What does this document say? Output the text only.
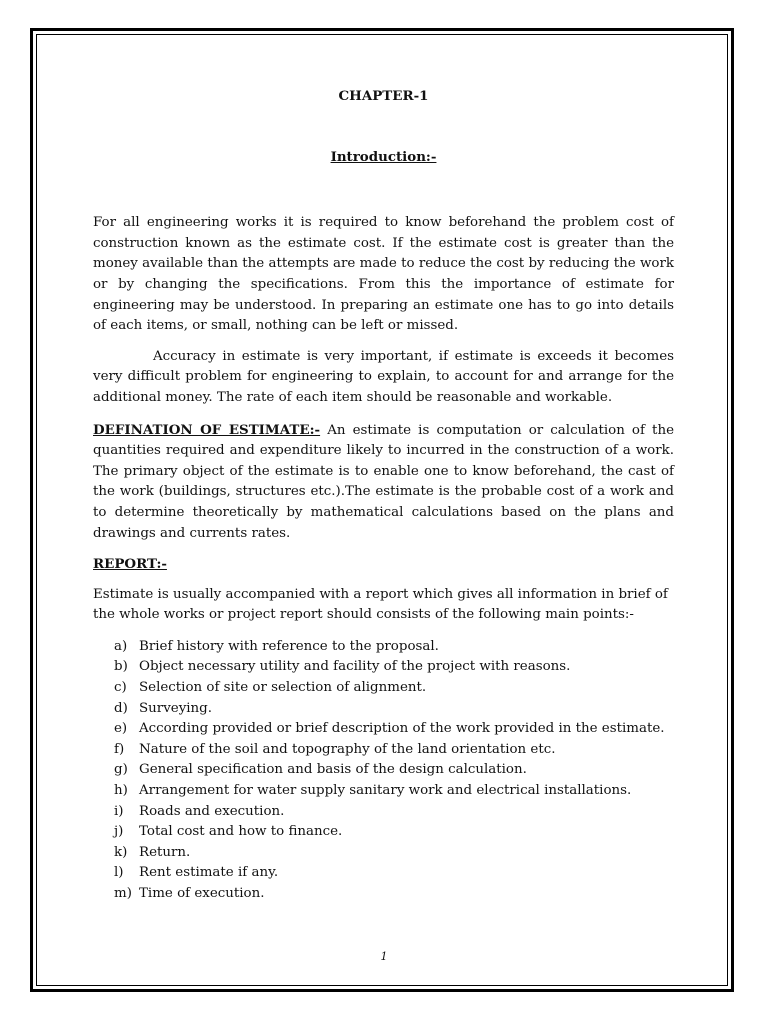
CHAPTER-1

Introduction:-

For all engineering works it is required to know beforehand the problem cost of construction known as the estimate cost. If the estimate cost is greater than the money available than the attempts are made to reduce the cost by reducing the work or by changing the specifications. From this the importance of estimate for engineering may be understood. In preparing an estimate one has to go into details of each items, or small, nothing can be left or missed.

Accuracy in estimate is very important, if estimate is exceeds it becomes very difficult problem for engineering to explain, to account for and arrange for the additional money. The rate of each item should be reasonable and workable.

DEFINATION OF ESTIMATE:- An estimate is computation or calculation of the quantities required and expenditure likely to incurred in the construction of a work. The primary object of the estimate is to enable one to know beforehand, the cast of the work (buildings, structures etc.).The estimate is the probable cost of a work and to determine theoretically by mathematical calculations based on the plans and drawings and currents rates.

REPORT:-

Estimate is usually accompanied with a report which gives all information in brief of the whole works or project report should consists of the following main points:-

a) Brief history with reference to the proposal.
b) Object necessary utility and facility of the project with reasons.
c) Selection of site or selection of alignment.
d) Surveying.
e) According provided or brief description of the work provided in the estimate.
f)	Nature of the soil and topography of the land orientation etc.
g) General specification and basis of the design calculation.
h) Arrangement for water supply sanitary work and electrical installations.
i)	Roads and execution.
j)	Total cost and how to finance.
k) Return.
l)	Rent estimate if any.
m) Time of execution.
1
